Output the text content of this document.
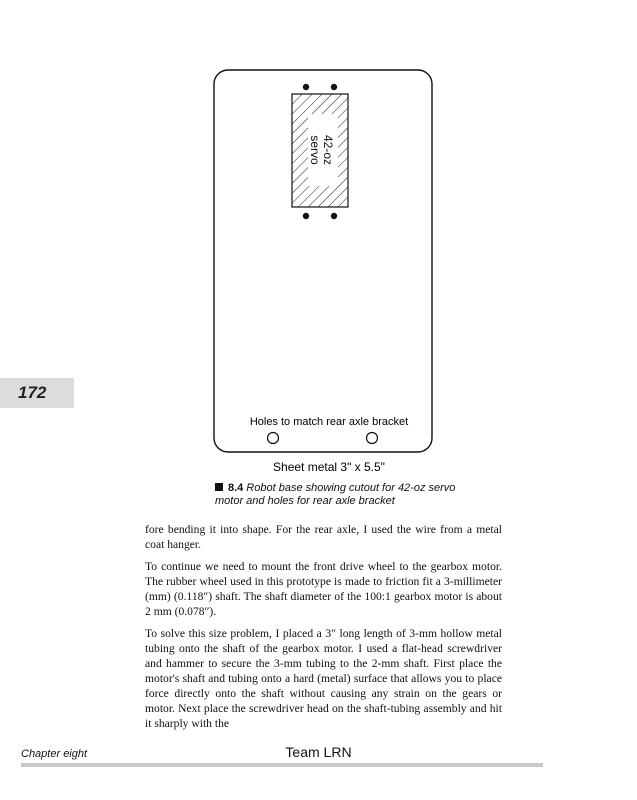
42-oz
servo
Holes to match rear axle bracket
Sheet metal 3" x 5.5"
172
8.4 Robot base showing cutout for 42-oz servo motor and holes for rear axle bracket

fore bending it into shape. For the rear axle, I used the wire from a metal coat hanger.

To continue we need to mount the front drive wheel to the gearbox motor. The rubber wheel used in this prototype is made to friction fit a 3-millimeter (mm) (0.118″) shaft. The shaft diameter of the 100:1 gearbox motor is about 2 mm (0.078″).

To solve this size problem, I placed a 3″ long length of 3-mm hollow metal tubing onto the shaft of the gearbox motor. I used a flat-head screwdriver and hammer to secure the 3-mm tubing to the 2-mm shaft. First place the motor's shaft and tubing onto a hard (metal) surface that allows you to place force directly onto the shaft without causing any strain on the gears or motor. Next place the screwdriver head on the shaft-tubing assembly and hit it sharply with the

Chapter eight	Team LRN
